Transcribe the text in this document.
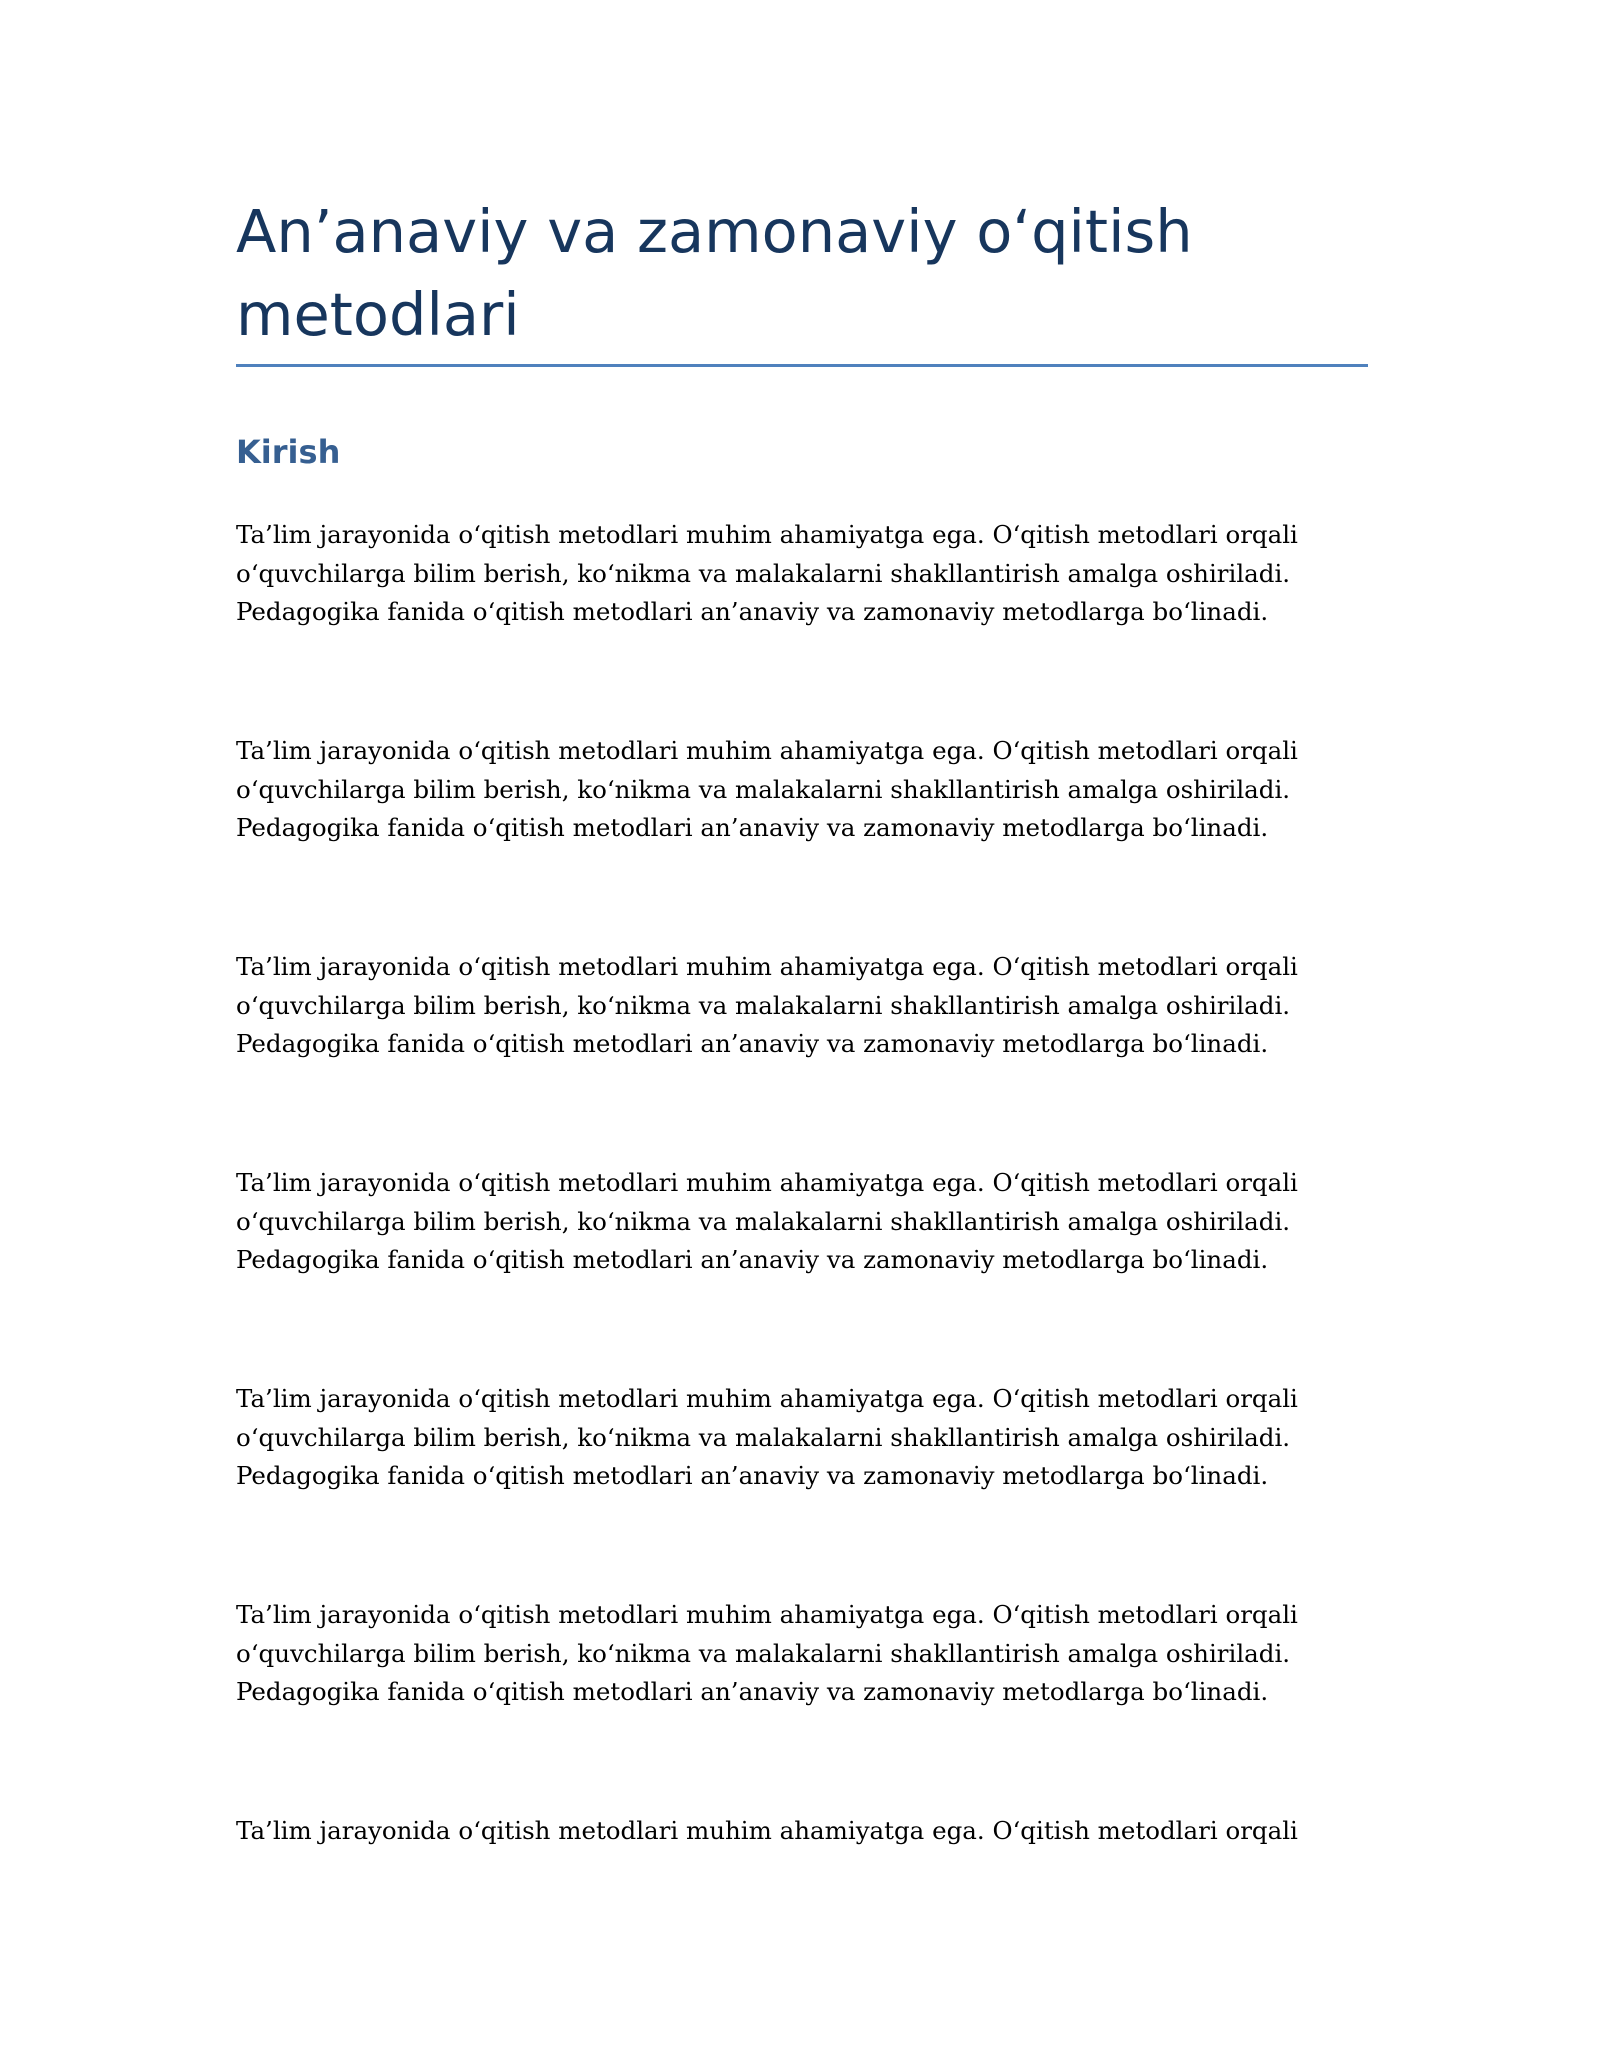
An’anaviy va zamonaviy o‘qitish
metodlari
Kirish

Ta’lim jarayonida o‘qitish metodlari muhim ahamiyatga ega. O‘qitish metodlari orqali
o‘quvchilarga bilim berish, ko‘nikma va malakalarni shakllantirish amalga oshiriladi.
Pedagogika fanida o‘qitish metodlari an’anaviy va zamonaviy metodlarga bo‘linadi.

Ta’lim jarayonida o‘qitish metodlari muhim ahamiyatga ega. O‘qitish metodlari orqali
o‘quvchilarga bilim berish, ko‘nikma va malakalarni shakllantirish amalga oshiriladi.
Pedagogika fanida o‘qitish metodlari an’anaviy va zamonaviy metodlarga bo‘linadi.

Ta’lim jarayonida o‘qitish metodlari muhim ahamiyatga ega. O‘qitish metodlari orqali
o‘quvchilarga bilim berish, ko‘nikma va malakalarni shakllantirish amalga oshiriladi.
Pedagogika fanida o‘qitish metodlari an’anaviy va zamonaviy metodlarga bo‘linadi.

Ta’lim jarayonida o‘qitish metodlari muhim ahamiyatga ega. O‘qitish metodlari orqali
o‘quvchilarga bilim berish, ko‘nikma va malakalarni shakllantirish amalga oshiriladi.
Pedagogika fanida o‘qitish metodlari an’anaviy va zamonaviy metodlarga bo‘linadi.

Ta’lim jarayonida o‘qitish metodlari muhim ahamiyatga ega. O‘qitish metodlari orqali
o‘quvchilarga bilim berish, ko‘nikma va malakalarni shakllantirish amalga oshiriladi.
Pedagogika fanida o‘qitish metodlari an’anaviy va zamonaviy metodlarga bo‘linadi.

Ta’lim jarayonida o‘qitish metodlari muhim ahamiyatga ega. O‘qitish metodlari orqali
o‘quvchilarga bilim berish, ko‘nikma va malakalarni shakllantirish amalga oshiriladi.
Pedagogika fanida o‘qitish metodlari an’anaviy va zamonaviy metodlarga bo‘linadi.

Ta’lim jarayonida o‘qitish metodlari muhim ahamiyatga ega. O‘qitish metodlari orqali
